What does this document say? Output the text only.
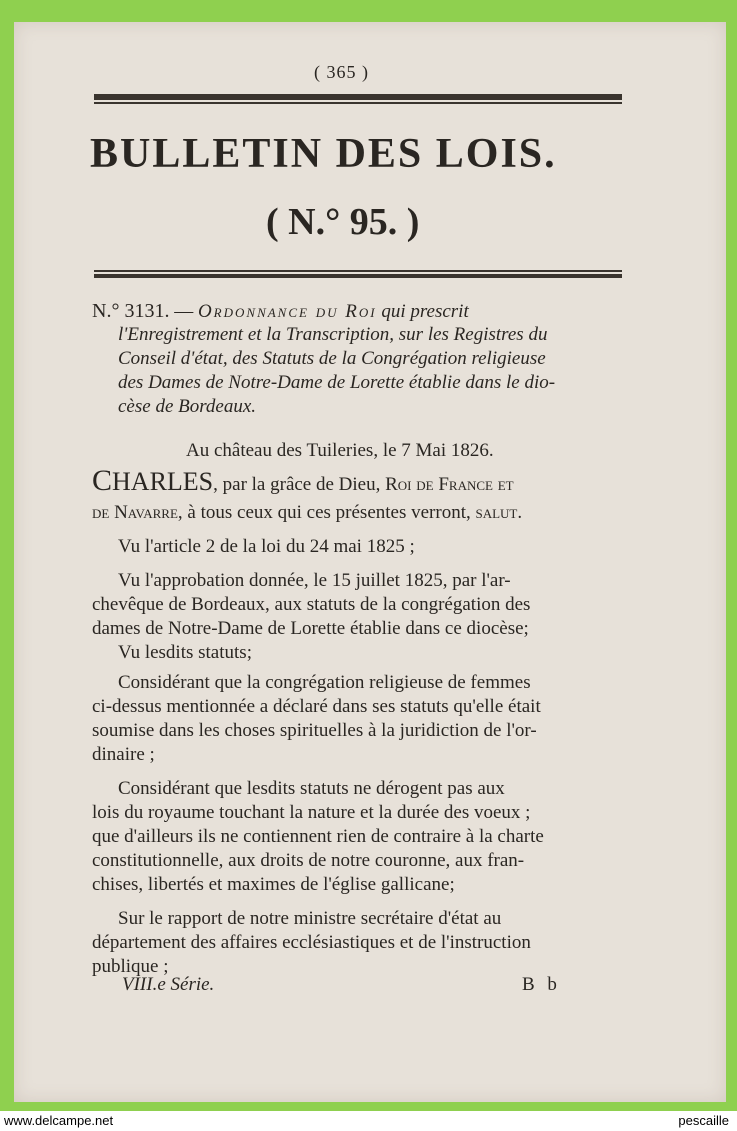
( 365 )
BULLETIN DES LOIS.
( N.° 95. )
N.° 3131. — Ordonnance du Roi qui prescrit
l'Enregistrement et la Transcription, sur les Registres du
Conseil d'état, des Statuts de la Congrégation religieuse
des Dames de Notre-Dame de Lorette établie dans le dio-
cèse de Bordeaux.
Au château des Tuileries, le 7 Mai 1826.
CHARLES, par la grâce de Dieu, Roi de France et
de Navarre, à tous ceux qui ces présentes verront, salut.
Vu l'article 2 de la loi du 24 mai 1825 ;
Vu l'approbation donnée, le 15 juillet 1825, par l'ar-
chevêque de Bordeaux, aux statuts de la congrégation des
dames de Notre-Dame de Lorette établie dans ce diocèse;
Vu lesdits statuts;
Considérant que la congrégation religieuse de femmes
ci-dessus mentionnée a déclaré dans ses statuts qu'elle était
soumise dans les choses spirituelles à la juridiction de l'or-
dinaire ;
Considérant que lesdits statuts ne dérogent pas aux
lois du royaume touchant la nature et la durée des voeux ;
que d'ailleurs ils ne contiennent rien de contraire à la charte
constitutionnelle, aux droits de notre couronne, aux fran-
chises, libertés et maximes de l'église gallicane;
Sur le rapport de notre ministre secrétaire d'état au
département des affaires ecclésiastiques et de l'instruction
publique ;
VIII.e Série.	B b
www.delcampe.net	pescaille
